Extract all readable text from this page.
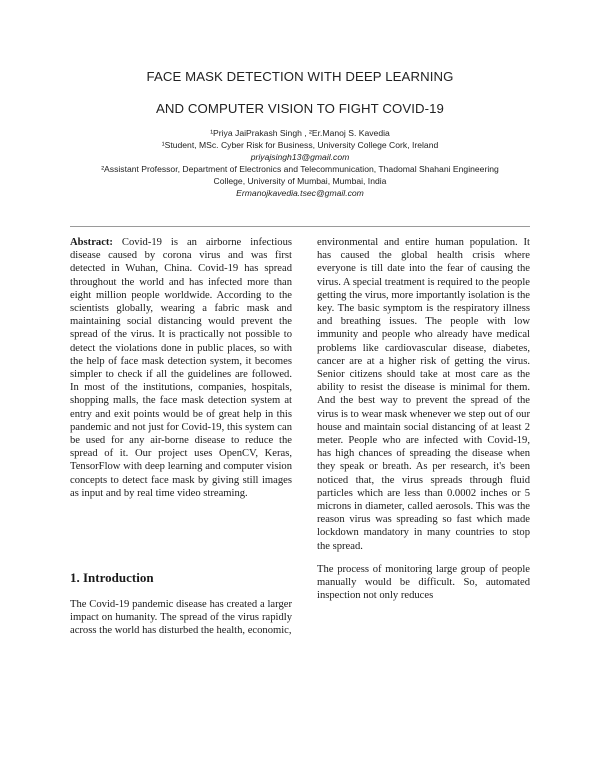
FACE MASK DETECTION WITH DEEP LEARNING
AND COMPUTER VISION TO FIGHT COVID-19
¹Priya JaiPrakash Singh , ²Er.Manoj S. Kavedia
¹Student, MSc. Cyber Risk for Business, University College Cork, Ireland
priyajsingh13@gmail.com
²Assistant Professor, Department of Electronics and Telecommunication, Thadomal Shahani Engineering
College, University of Mumbai, Mumbai, India
Ermanojkavedia.tsec@gmail.com

Abstract: Covid-19 is an airborne infectious disease caused by corona virus and was first detected in Wuhan, China. Covid-19 has spread throughout the world and has infected more than eight million people worldwide. According to the scientists globally, wearing a fabric mask and maintaining social distancing would prevent the spread of the virus. It is practically not possible to detect the violations done in public places, so with the help of face mask detection system, it becomes simpler to check if all the guidelines are followed. In most of the institutions, companies, hospitals, shopping malls, the face mask detection system at entry and exit points would be of great help in this pandemic and not just for Covid-19, this system can be used for any air-borne disease to reduce the spread of it. Our project uses OpenCV, Keras, TensorFlow with deep learning and computer vision concepts to detect face mask by giving still images as input and by real time video streaming.

1. Introduction

The Covid-19 pandemic disease has created a larger impact on humanity. The spread of the virus rapidly across the world has disturbed the health, economic,

environmental and entire human population. It has caused the global health crisis where everyone is till date into the fear of causing the virus. A special treatment is required to the people getting the virus, more importantly isolation is the key. The basic symptom is the respiratory illness and breathing issues. The people with low immunity and people who already have medical problems like cardiovascular disease, diabetes, cancer are at a higher risk of getting the virus. Senior citizens should take at most care as the ability to resist the disease is minimal for them. And the best way to prevent the spread of the virus is to wear mask whenever we step out of our house and maintain social distancing of at least 2 meter. People who are infected with Covid-19, has high chances of spreading the disease when they speak or breath. As per research, it's been noticed that, the virus spreads through fluid particles which are less than 0.0002 inches or 5 microns in diameter, called aerosols. This was the reason virus was spreading so fast which made lockdown mandatory in many countries to stop the spread.

The process of monitoring large group of people manually would be difficult. So, automated inspection not only reduces
